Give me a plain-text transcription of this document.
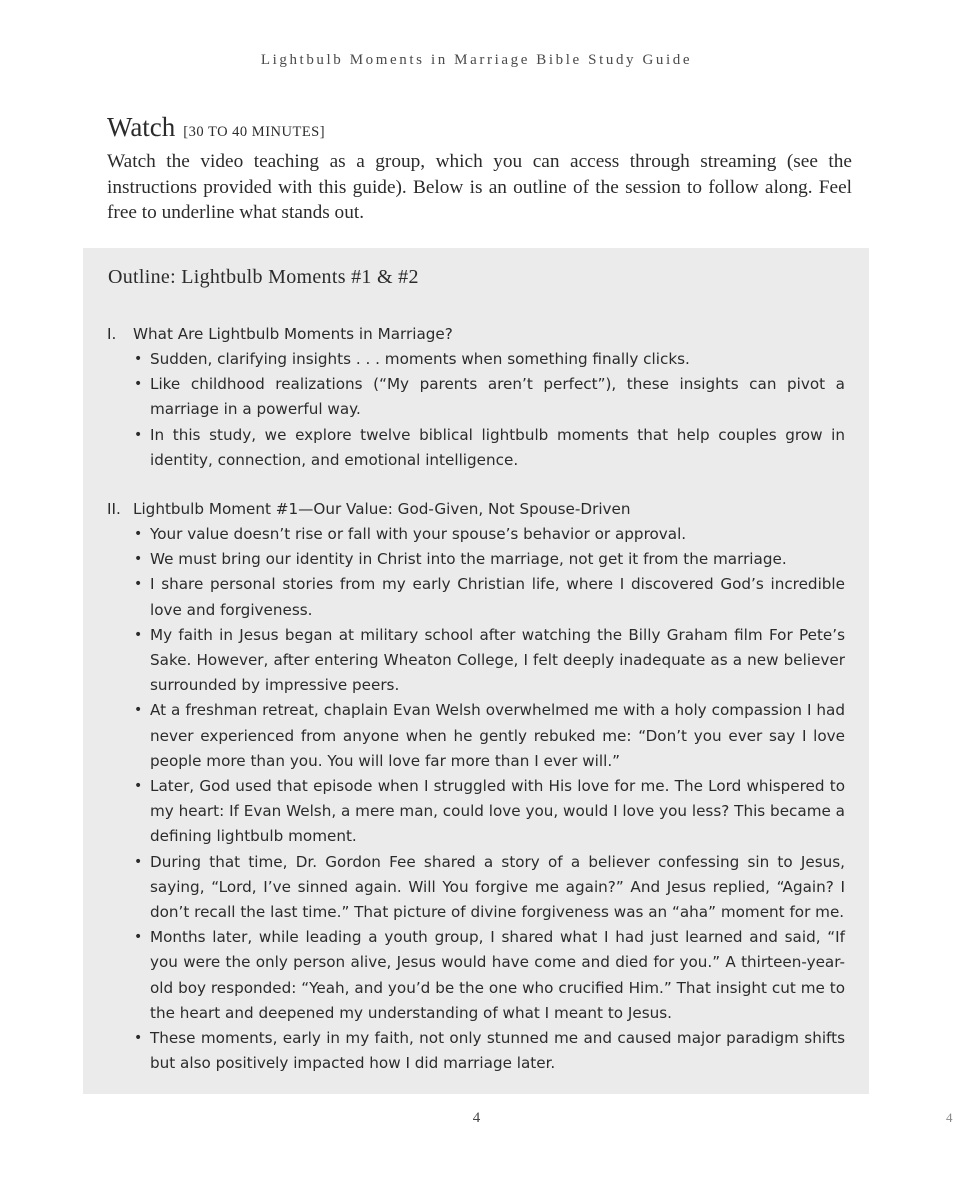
Lightbulb Moments in Marriage Bible Study Guide

Watch [30 TO 40 MINUTES]

Watch the video teaching as a group, which you can access through streaming (see the instructions provided with this guide). Below is an outline of the session to follow along. Feel free to underline what stands out.

Outline: Lightbulb Moments #1 & #2
I. What Are Lightbulb Moments in Marriage?
• Sudden, clarifying insights . . . moments when something finally clicks.
• Like childhood realizations (“My parents aren’t perfect”), these insights can pivot a marriage in a powerful way.
• In this study, we explore twelve biblical lightbulb moments that help couples grow in identity, connection, and emotional intelligence.
II. Lightbulb Moment #1—Our Value: God-Given, Not Spouse-Driven
• Your value doesn’t rise or fall with your spouse’s behavior or approval.
• We must bring our identity in Christ into the marriage, not get it from the marriage.
• I share personal stories from my early Christian life, where I discovered God’s incredible love and forgiveness.
• My faith in Jesus began at military school after watching the Billy Graham film For Pete’s Sake. However, after entering Wheaton College, I felt deeply inadequate as a new believer surrounded by impressive peers.
• At a freshman retreat, chaplain Evan Welsh overwhelmed me with a holy compassion I had never experienced from anyone when he gently rebuked me: “Don’t you ever say I love people more than you. You will love far more than I ever will.”
• Later, God used that episode when I struggled with His love for me. The Lord whispered to my heart: If Evan Welsh, a mere man, could love you, would I love you less? This became a defining lightbulb moment.
• During that time, Dr. Gordon Fee shared a story of a believer confessing sin to Jesus, saying, “Lord, I’ve sinned again. Will You forgive me again?” And Jesus replied, “Again? I don’t recall the last time.” That picture of divine forgiveness was an “aha” moment for me.
• Months later, while leading a youth group, I shared what I had just learned and said, “If you were the only person alive, Jesus would have come and died for you.” A thirteen-year-old boy responded: “Yeah, and you’d be the one who crucified Him.” That insight cut me to the heart and deepened my understanding of what I meant to Jesus.
• These moments, early in my faith, not only stunned me and caused major paradigm shifts but also positively impacted how I did marriage later.
4	4
